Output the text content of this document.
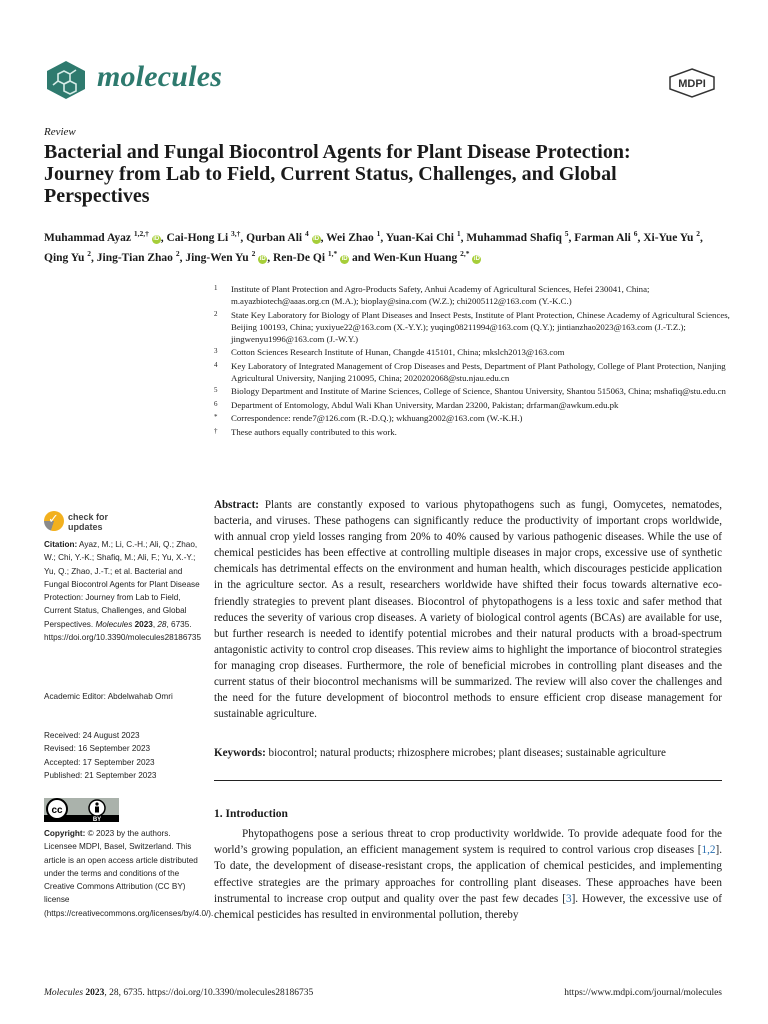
molecules	MDPI
Review
Bacterial and Fungal Biocontrol Agents for Plant Disease Protection: Journey from Lab to Field, Current Status, Challenges, and Global Perspectives
Muhammad Ayaz $^{1,2,\dagger}$ iD , Cai-Hong Li $^{3,\dagger}$, Qurban Ali $^4$ iD , Wei Zhao $^1$, Yuan-Kai Chi $^1$, Muhammad Shafiq $^5$, Farman Ali $^6$, Xi-Yue Yu $^2$, Qing Yu $^2$, Jing-Tian Zhao $^2$, Jing-Wen Yu $^2$ iD , Ren-De Qi $^{1,*}$ iD and Wen-Kun Huang $^{2,*}$ iD
1	Institute of Plant Protection and Agro-Products Safety, Anhui Academy of Agricultural Sciences, Hefei 230041, China; m.ayazbiotech@aaas.org.cn (M.A.); bioplay@sina.com (W.Z.); chi2005112@163.com (Y.-K.C.)
2	State Key Laboratory for Biology of Plant Diseases and Insect Pests, Institute of Plant Protection, Chinese Academy of Agricultural Sciences, Beijing 100193, China; yuxiyue22@163.com (X.-Y.Y.); yuqing08211994@163.com (Q.Y.); jintianzhao2023@163.com (J.-T.Z.); jingwenyu1996@163.com (J.-W.Y.)
3	Cotton Sciences Research Institute of Hunan, Changde 415101, China; mkslch2013@163.com
4	Key Laboratory of Integrated Management of Crop Diseases and Pests, Department of Plant Pathology, College of Plant Protection, Nanjing Agricultural University, Nanjing 210095, China; 2020202068@stu.njau.edu.cn
5	Biology Department and Institute of Marine Sciences, College of Science, Shantou University, Shantou 515063, China; mshafiq@stu.edu.cn
6	Department of Entomology, Abdul Wali Khan University, Mardan 23200, Pakistan; drfarman@awkum.edu.pk
*	Correspondence: rende7@126.com (R.-D.Q.); wkhuang2002@163.com (W.-K.H.)
†	These authors equally contributed to this work.
✓
check for
updates
Citation: Ayaz, M.; Li, C.-H.; Ali, Q.; Zhao, W.; Chi, Y.-K.; Shafiq, M.; Ali, F.; Yu, X.-Y.; Yu, Q.; Zhao, J.-T.; et al. Bacterial and Fungal Biocontrol Agents for Plant Disease Protection: Journey from Lab to Field, Current Status, Challenges, and Global Perspectives. Molecules 2023, 28, 6735. https://doi.org/10.3390/molecules28186735
Academic Editor: Abdelwahab Omri
Received: 24 August 2023
Revised: 16 September 2023
Accepted: 17 September 2023
Published: 21 September 2023
cc
BY
Copyright: © 2023 by the authors. Licensee MDPI, Basel, Switzerland. This article is an open access article distributed under the terms and conditions of the Creative Commons Attribution (CC BY) license (https://creativecommons.org/licenses/by/4.0/).
Abstract: Plants are constantly exposed to various phytopathogens such as fungi, Oomycetes, nematodes, bacteria, and viruses. These pathogens can significantly reduce the productivity of important crops worldwide, with annual crop yield losses ranging from 20% to 40% caused by various pathogenic diseases. While the use of chemical pesticides has been effective at controlling multiple diseases in major crops, excessive use of synthetic chemicals has detrimental effects on the environment and human health, which discourages pesticide application in the agriculture sector. As a result, researchers worldwide have shifted their focus towards alternative eco-friendly strategies to prevent plant diseases. Biocontrol of phytopathogens is a less toxic and safer method that reduces the severity of various crop diseases. A variety of biological control agents (BCAs) are available for use, but further research is needed to identify potential microbes and their natural products with a broad-spectrum antagonistic activity to control crop diseases. This review aims to highlight the importance of biocontrol strategies for managing crop diseases. Furthermore, the role of beneficial microbes in controlling plant diseases and the current status of their biocontrol mechanisms will be summarized. The review will also cover the challenges and the need for the future development of biocontrol methods to ensure efficient crop disease management for sustainable agriculture.
Keywords: biocontrol; natural products; rhizosphere microbes; plant diseases; sustainable agriculture
1. Introduction
   Phytopathogens pose a serious threat to crop productivity worldwide. To provide adequate food for the world’s growing population, an efficient management system is required to control various crop diseases [1,2]. To date, the development of disease-resistant crops, the application of chemical pesticides, and implementing effective strategies are the primary approaches for controlling plant diseases. These approaches have been instrumental to increase crop output and quality over the past few decades [3]. However, the excessive use of chemical pesticides has resulted in environmental pollution, thereby
Molecules 2023, 28, 6735. https://doi.org/10.3390/molecules28186735	https://www.mdpi.com/journal/molecules
